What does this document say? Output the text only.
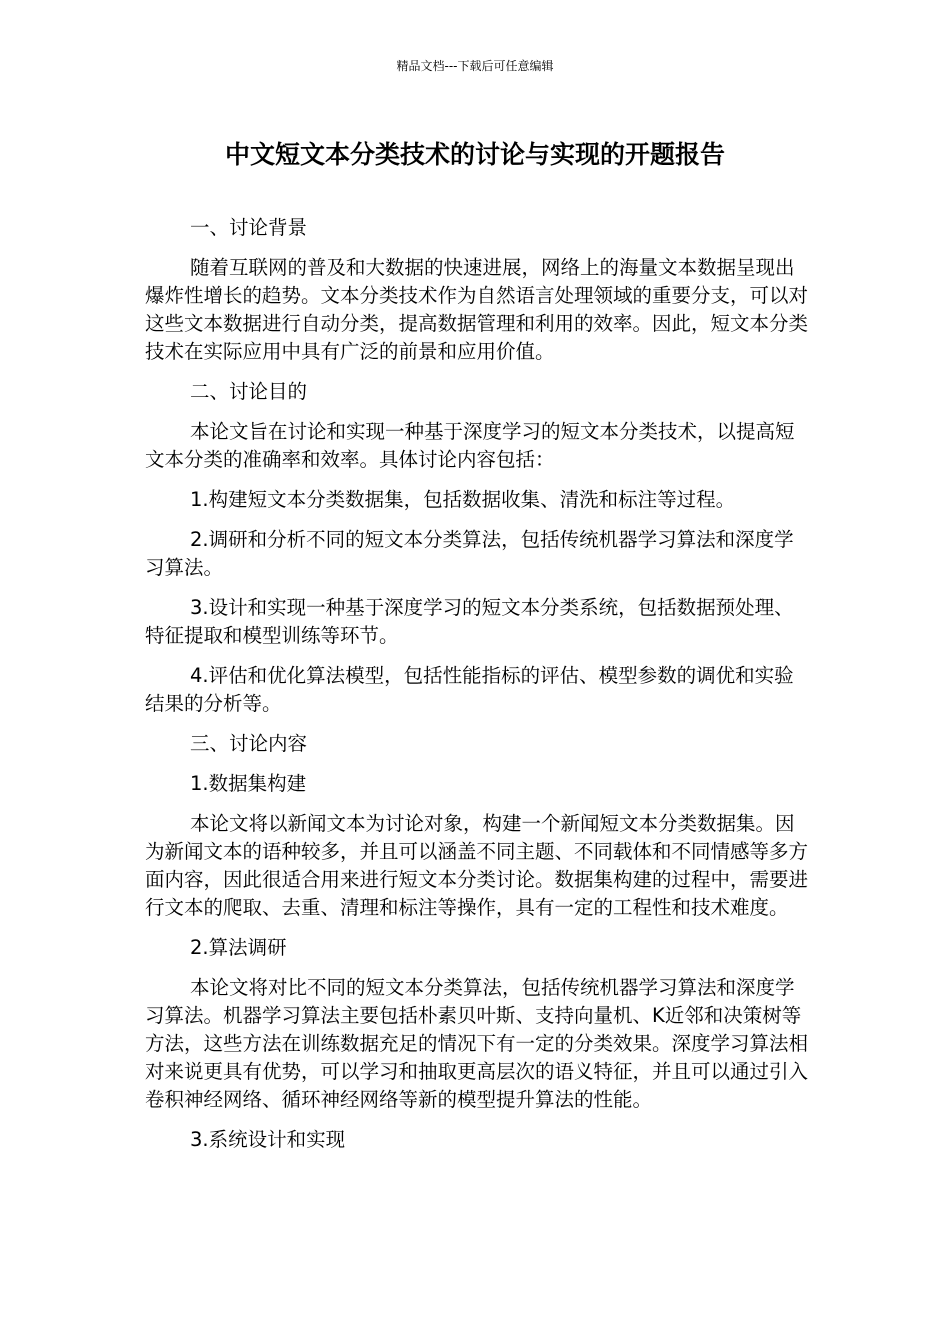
精品文档---下载后可任意编辑
中文短文本分类技术的讨论与实现的开题报告

一、讨论背景

随着互联网的普及和大数据的快速进展，网络上的海量文本数据呈现出爆炸性增长的趋势。文本分类技术作为自然语言处理领域的重要分支，可以对这些文本数据进行自动分类，提高数据管理和利用的效率。因此，短文本分类技术在实际应用中具有广泛的前景和应用价值。

二、讨论目的

本论文旨在讨论和实现一种基于深度学习的短文本分类技术，以提高短文本分类的准确率和效率。具体讨论内容包括：

1.构建短文本分类数据集，包括数据收集、清洗和标注等过程。

2.调研和分析不同的短文本分类算法，包括传统机器学习算法和深度学习算法。

3.设计和实现一种基于深度学习的短文本分类系统，包括数据预处理、特征提取和模型训练等环节。

4.评估和优化算法模型，包括性能指标的评估、模型参数的调优和实验结果的分析等。

三、讨论内容

1.数据集构建

本论文将以新闻文本为讨论对象，构建一个新闻短文本分类数据集。因为新闻文本的语种较多，并且可以涵盖不同主题、不同载体和不同情感等多方面内容，因此很适合用来进行短文本分类讨论。数据集构建的过程中，需要进行文本的爬取、去重、清理和标注等操作，具有一定的工程性和技术难度。

2.算法调研

本论文将对比不同的短文本分类算法，包括传统机器学习算法和深度学习算法。机器学习算法主要包括朴素贝叶斯、支持向量机、K近邻和决策树等方法，这些方法在训练数据充足的情况下有一定的分类效果。深度学习算法相对来说更具有优势，可以学习和抽取更高层次的语义特征，并且可以通过引入卷积神经网络、循环神经网络等新的模型提升算法的性能。

3.系统设计和实现
